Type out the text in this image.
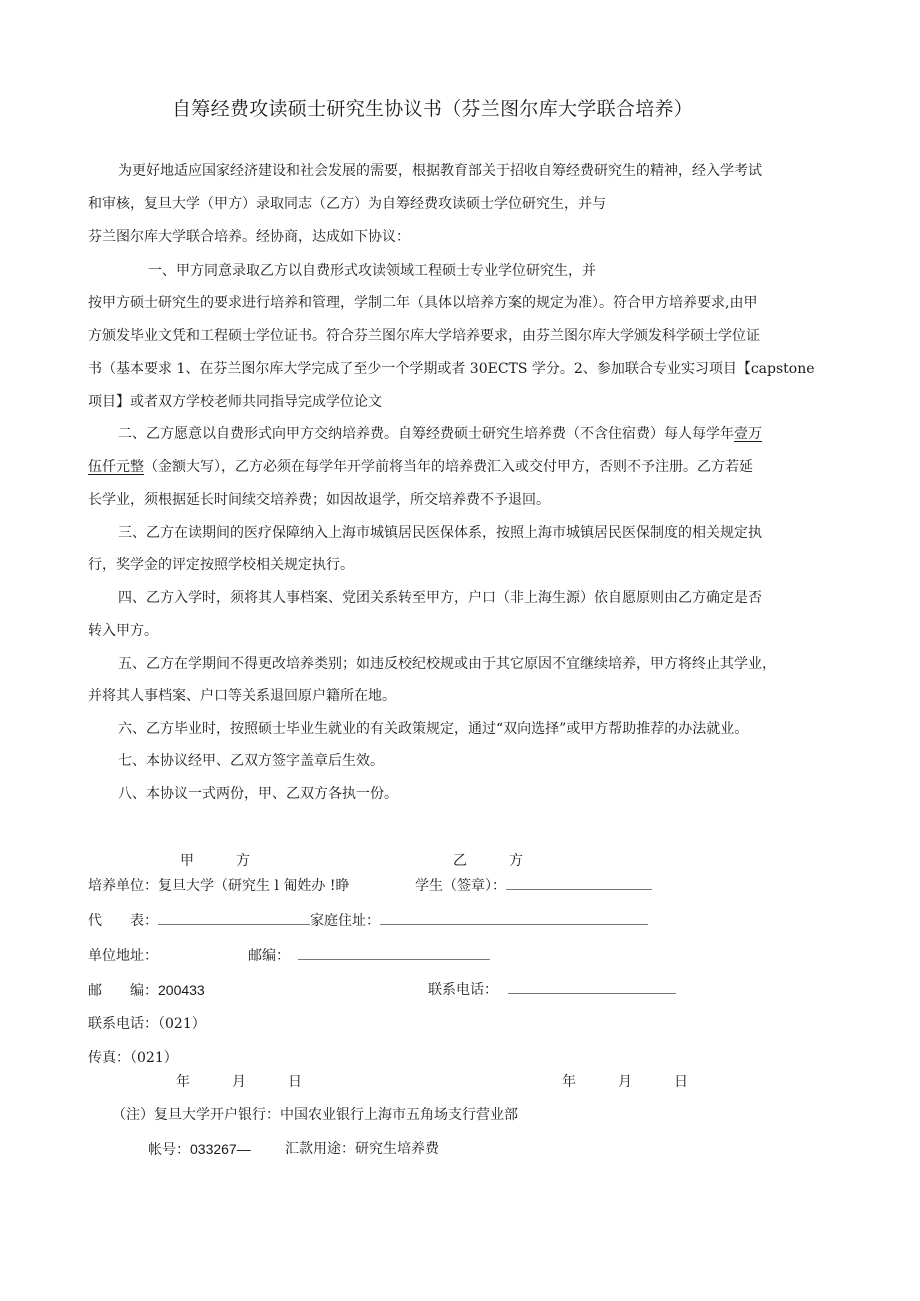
自筹经费攻读硕士研究生协议书（芬兰图尔库大学联合培养）
为更好地适应国家经济建设和社会发展的需要，根据教育部关于招收自筹经费研究生的精神，经入学考试
和审核，复旦大学（甲方）录取同志（乙方）为自筹经费攻读硕士学位研究生，并与
芬兰图尔库大学联合培养。经协商，达成如下协议：
一、甲方同意录取乙方以自费形式攻读领域工程硕士专业学位研究生，并
按甲方硕士研究生的要求进行培养和管理，学制二年（具体以培养方案的规定为准）。符合甲方培养要求,由甲
方颁发毕业文凭和工程硕士学位证书。符合芬兰图尔库大学培养要求，由芬兰图尔库大学颁发科学硕士学位证
书（基本要求 1、在芬兰图尔库大学完成了至少一个学期或者 30ECTS 学分。2、参加联合专业实习项目【capstone
项目】或者双方学校老师共同指导完成学位论文
二、乙方愿意以自费形式向甲方交纳培养费。自筹经费硕士研究生培养费（不含住宿费）每人每学年壹万
伍仟元整（金额大写），乙方必须在每学年开学前将当年的培养费汇入或交付甲方，否则不予注册。乙方若延
长学业，须根据延长时间续交培养费；如因故退学，所交培养费不予退回。
三、乙方在读期间的医疗保障纳入上海市城镇居民医保体系，按照上海市城镇居民医保制度的相关规定执
行，奖学金的评定按照学校相关规定执行。
四、乙方入学时，须将其人事档案、党团关系转至甲方，户口（非上海生源）依自愿原则由乙方确定是否
转入甲方。
五、乙方在学期间不得更改培养类别；如违反校纪校规或由于其它原因不宜继续培养，甲方将终止其学业，
并将其人事档案、户口等关系退回原户籍所在地。
六、乙方毕业时，按照硕士毕业生就业的有关政策规定，通过“双向选择”或甲方帮助推荐的办法就业。
七、本协议经甲、乙双方签字盖章后生效。
八、本协议一式两份，甲、乙双方各执一份。
甲　　　方	乙　　　方
培养单位：复旦大学（研究生 l 匍姓办 !睁	学生（签章）：
代　　表：	家庭住址：
单位地址：	邮编：
邮　　编：200433	联系电话：
联系电话：（021）
传真：（021）
年　　　月　　　日	年　　　月　　　日
（注）复旦大学开户银行：中国农业银行上海市五角场支行营业部
帐号：033267— 汇款用途：研究生培养费
